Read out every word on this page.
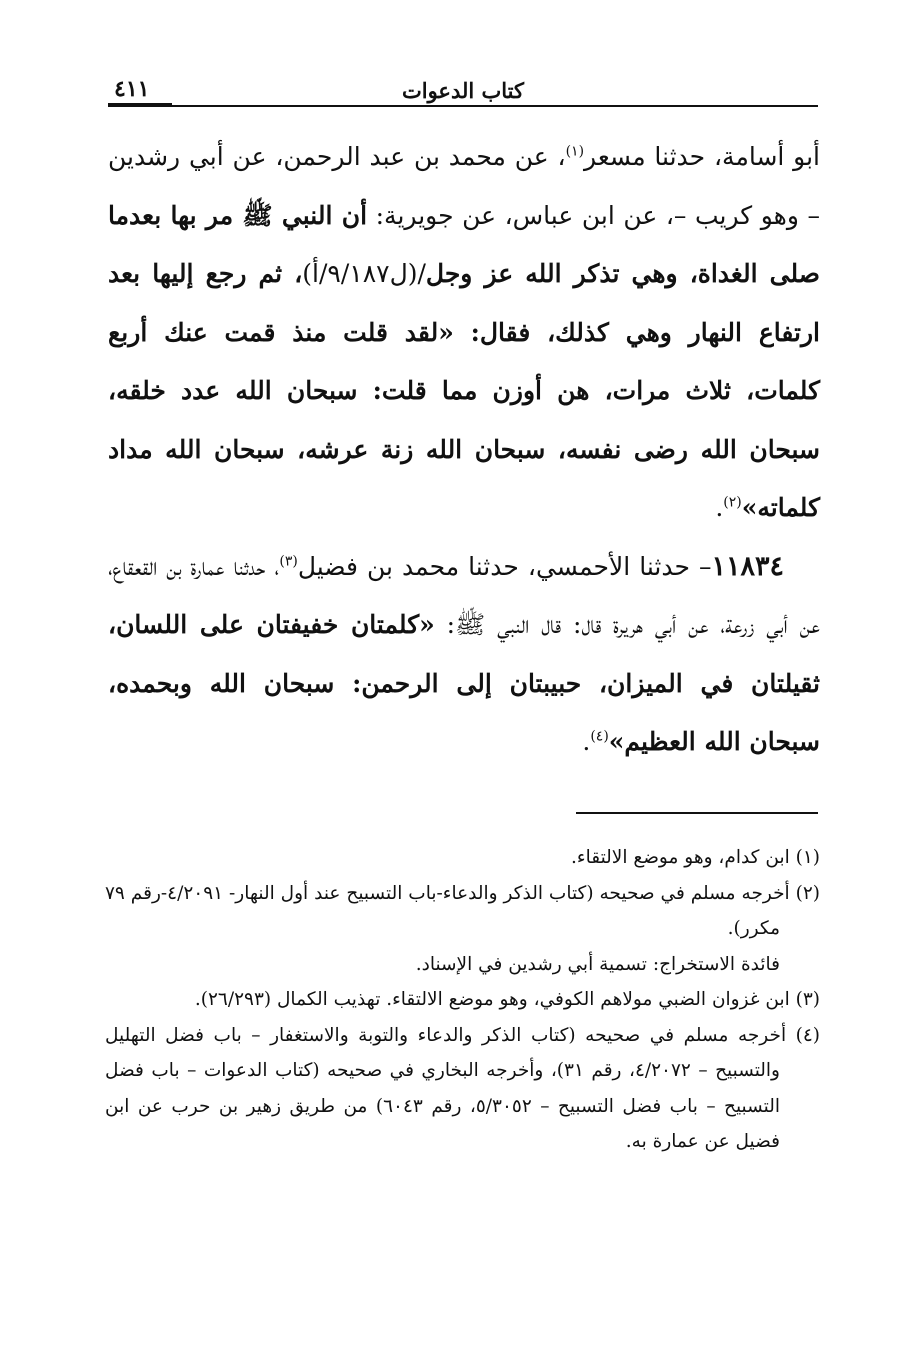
٤١١	كتاب الدعوات

أبو أسامة، حدثنا مسعر$^{(١)}$، عن محمد بن عبد الرحمن، عن أبي رشدين – وهو كريب –، عن ابن عباس، عن جويرية: أن النبي ﷺ مر بها بعدما صلى الغداة، وهي تذكر الله عز وجل/(ل٩/١٨٧/أ)، ثم رجع إليها بعد ارتفاع النهار وهي كذلك، فقال: «لقد قلت منذ قمت عنك أربع كلمات، ثلاث مرات، هن أوزن مما قلت: سبحان الله عدد خلقه، سبحان الله رضى نفسه، سبحان الله زنة عرشه، سبحان الله مداد كلماته»$^{(٢)}$.

١١٨٣٤– حدثنا الأحمسي، حدثنا محمد بن فضيل$^{(٣)}$، حدثنا عمارة بن القعقاع، عن أبي زرعة، عن أبي هريرة قال: قال النبي ﷺ: «كلمتان خفيفتان على اللسان، ثقيلتان في الميزان، حبيبتان إلى الرحمن: سبحان الله وبحمده، سبحان الله العظيم»$^{(٤)}$.

(١) ابن كدام، وهو موضع الالتقاء.

(٢) أخرجه مسلم في صحيحه (كتاب الذكر والدعاء-باب التسبيح عند أول النهار- ٤/٢٠٩١-رقم ٧٩ مكرر).

فائدة الاستخراج: تسمية أبي رشدين في الإسناد.

(٣) ابن غزوان الضبي مولاهم الكوفي، وهو موضع الالتقاء. تهذيب الكمال (٢٦/٢٩٣).

(٤) أخرجه مسلم في صحيحه (كتاب الذكر والدعاء والتوبة والاستغفار – باب فضل التهليل والتسبيح – ٤/٢٠٧٢، رقم ٣١)، وأخرجه البخاري في صحيحه (كتاب الدعوات – باب فضل التسبيح – باب فضل التسبيح – ٥/٣٠٥٢، رقم ٦٠٤٣) من طريق زهير بن حرب عن ابن فضيل عن عمارة به.
